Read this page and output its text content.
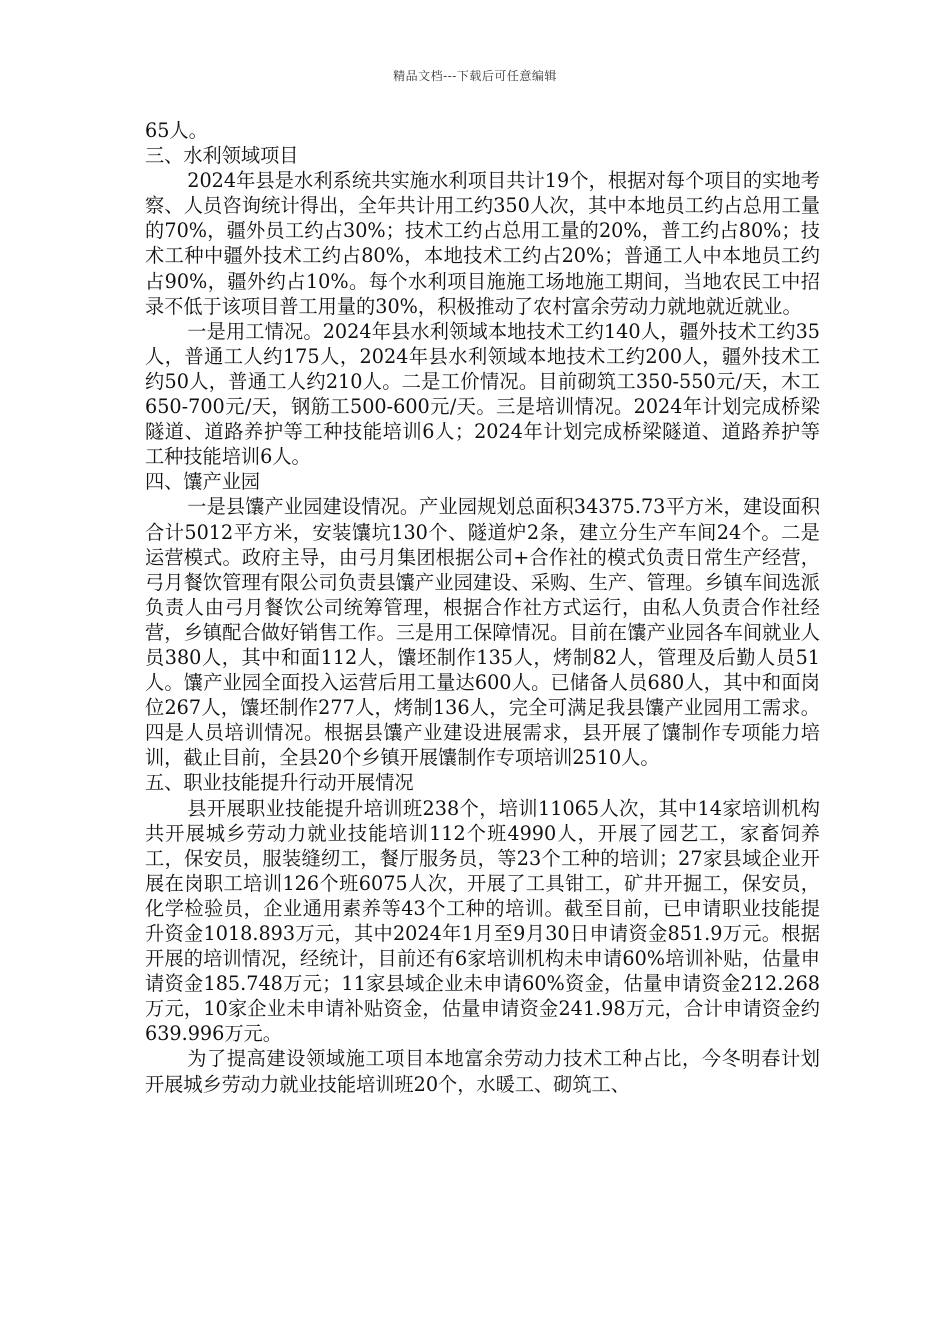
精品文档---下载后可任意编辑

65人。

三、水利领域项目

2024年县是水利系统共实施水利项目共计19个，根据对每个项目的实地考察、人员咨询统计得出，全年共计用工约350人次，其中本地员工约占总用工量的70%，疆外员工约占30%；技术工约占总用工量的20%，普工约占80%；技术工种中疆外技术工约占80%，本地技术工约占20%；普通工人中本地员工约占90%，疆外约占10%。每个水利项目施施工场地施工期间，当地农民工中招录不低于该项目普工用量的30%，积极推动了农村富余劳动力就地就近就业。

一是用工情况。2024年县水利领域本地技术工约140人，疆外技术工约35人，普通工人约175人，2024年县水利领域本地技术工约200人，疆外技术工约50人，普通工人约210人。二是工价情况。目前砌筑工350-550元/天，木工650-700元/天，钢筋工500-600元/天。三是培训情况。2024年计划完成桥梁隧道、道路养护等工种技能培训6人；2024年计划完成桥梁隧道、道路养护等工种技能培训6人。

四、馕产业园

一是县馕产业园建设情况。产业园规划总面积34375.73平方米，建设面积合计5012平方米，安装馕坑130个、隧道炉2条，建立分生产车间24个。二是运营模式。政府主导，由弓月集团根据公司+合作社的模式负责日常生产经营，弓月餐饮管理有限公司负责县馕产业园建设、采购、生产、管理。乡镇车间选派负责人由弓月餐饮公司统筹管理，根据合作社方式运行，由私人负责合作社经营，乡镇配合做好销售工作。三是用工保障情况。目前在馕产业园各车间就业人员380人，其中和面112人，馕坯制作135人，烤制82人，管理及后勤人员51人。馕产业园全面投入运营后用工量达600人。已储备人员680人，其中和面岗位267人，馕坯制作277人，烤制136人，完全可满足我县馕产业园用工需求。四是人员培训情况。根据县馕产业建设进展需求，县开展了馕制作专项能力培训，截止目前，全县20个乡镇开展馕制作专项培训2510人。

五、职业技能提升行动开展情况

县开展职业技能提升培训班238个，培训11065人次，其中14家培训机构共开展城乡劳动力就业技能培训112个班4990人，开展了园艺工，家畜饲养工，保安员，服装缝纫工，餐厅服务员，等23个工种的培训；27家县域企业开展在岗职工培训126个班6075人次，开展了工具钳工，矿井开掘工，保安员，化学检验员，企业通用素养等43个工种的培训。截至目前，已申请职业技能提升资金1018.893万元，其中2024年1月至9月30日申请资金851.9万元。根据开展的培训情况，经统计，目前还有6家培训机构未申请60%培训补贴，估量申请资金185.748万元；11家县域企业未申请60%资金，估量申请资金212.268万元，10家企业未申请补贴资金，估量申请资金241.98万元，合计申请资金约639.996万元。

为了提高建设领域施工项目本地富余劳动力技术工种占比，今冬明春计划开展城乡劳动力就业技能培训班20个，水暖工、砌筑工、
